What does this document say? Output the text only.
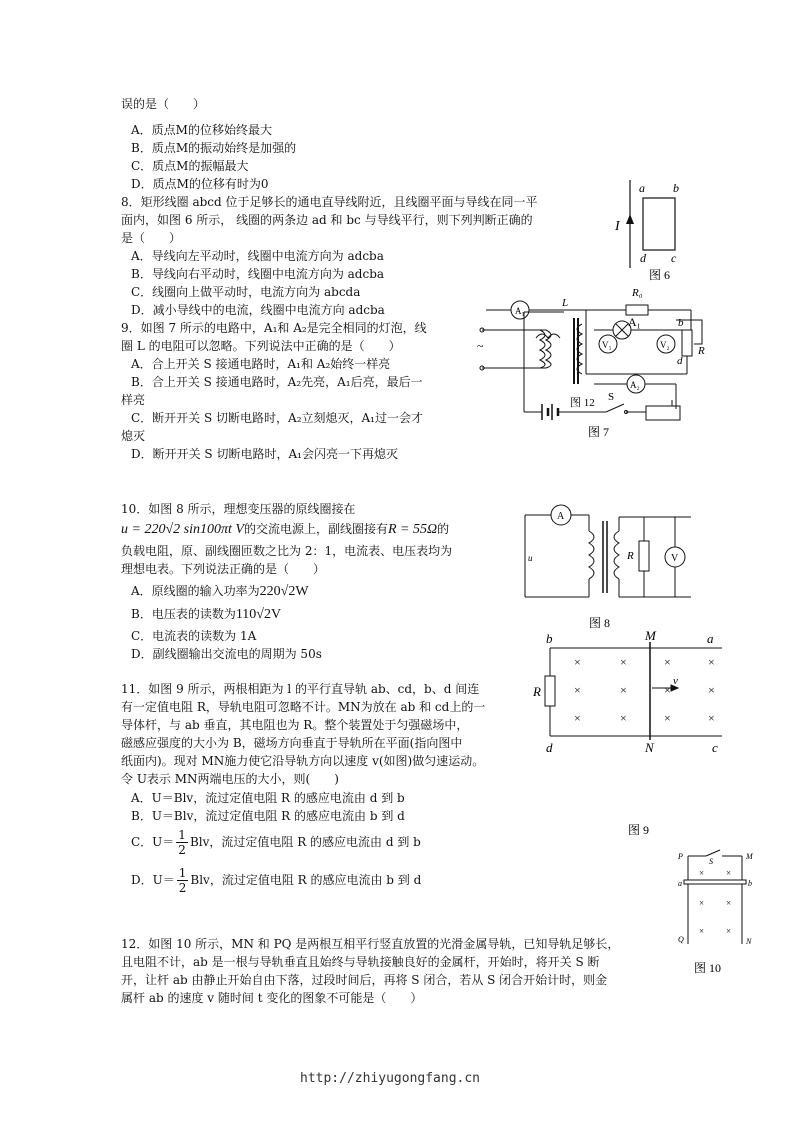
误的是（　　）
A．质点M的位移始终最大
B．质点M的振动始终是加强的
C．质点M的振幅最大
D．质点M的位移有时为0
8．矩形线圈 abcd 位于足够长的通电直导线附近，且线圈平面与导线在同一平
面内，如图 6 所示， 线圈的两条边 ad 和 bc 与导线平行，则下列判断正确的
是（　　）
A．导线向左平动时，线圈中电流方向为 adcba
B．导线向右平动时，线圈中电流方向为 adcba
C．线圈向上做平动时，电流方向为 abcda
D．减小导线中的电流，线圈中电流方向 adcba
9．如图 7 所示的电路中，A₁和 A₂是完全相同的灯泡，线
圈 L 的电阻可以忽略。下列说法中正确的是（　　）
A．合上开关 S 接通电路时，A₁和 A₂始终一样亮
B．合上开关 S 接通电路时，A₂先亮，A₁后亮，最后一
样亮
C．断开开关 S 切断电路时，A₂立刻熄灭，A₁过一会才
熄灭
D．断开开关 S 切断电路时，A₁会闪亮一下再熄灭
10．如图 8 所示，理想变压器的原线圈接在
u = 220√2 sin100πt V的交流电源上，副线圈接有R = 55Ω的
负载电阻，原、副线圈匝数之比为 2：1，电流表、电压表均为
理想电表。下列说法正确的是（　　）
A．原线圈的输入功率为220√2W
B．电压表的读数为110√2V
C．电流表的读数为 1A
D．副线圈输出交流电的周期为 50s
11．如图 9 所示，两根相距为 l 的平行直导轨 ab、cd，b、d 间连
有一定值电阻 R，导轨电阻可忽略不计。MN为放在 ab 和 cd上的一
导体杆，与 ab 垂直，其电阻也为 R。整个装置处于匀强磁场中，
磁感应强度的大小为 B，磁场方向垂直于导轨所在平面(指向图中
纸面内)。现对 MN施力使它沿导轨方向以速度 v(如图)做匀速运动。
令 U表示 MN两端电压的大小，则(　　)
A．U＝Blv，流过定值电阻 R 的感应电流由 d 到 b
B．U＝Blv，流过定值电阻 R 的感应电流由 b 到 d
C．$U= \frac{1}{2}$ Blv，流过定值电阻 R 的感应电流由 d 到 b
D．$U= \frac{1}{2}$ Blv，流过定值电阻 R 的感应电流由 b 到 d
12．如图 10 所示，MN 和 PQ 是两根互相平行竖直放置的光滑金属导轨，已知导轨足够长，
且电阻不计，ab 是一根与导轨垂直且始终与导轨接触良好的金属杆，开始时，将开关 S 断
开，让杆 ab 由静止开始自由下落，过段时间后，再将 S 闭合，若从 S 闭合开始计时，则金
属杆 ab 的速度 v 随时间 t 变化的图象不可能是（　　）
I
a b
d c
图 6
R₀
L
A₁
A₁
V₁	V₂
A₂
b
d
R
S
~
图 12
图 7
A
V
R
u
图 8
×	×	×	×
×	×	×	×
×	×	×	×
b	M	a
R
v
d	N	c
图 9
× ×
× ×
× ×
P	M
S
a	b
Q	N
图 10
http://zhiyugongfang.cn
